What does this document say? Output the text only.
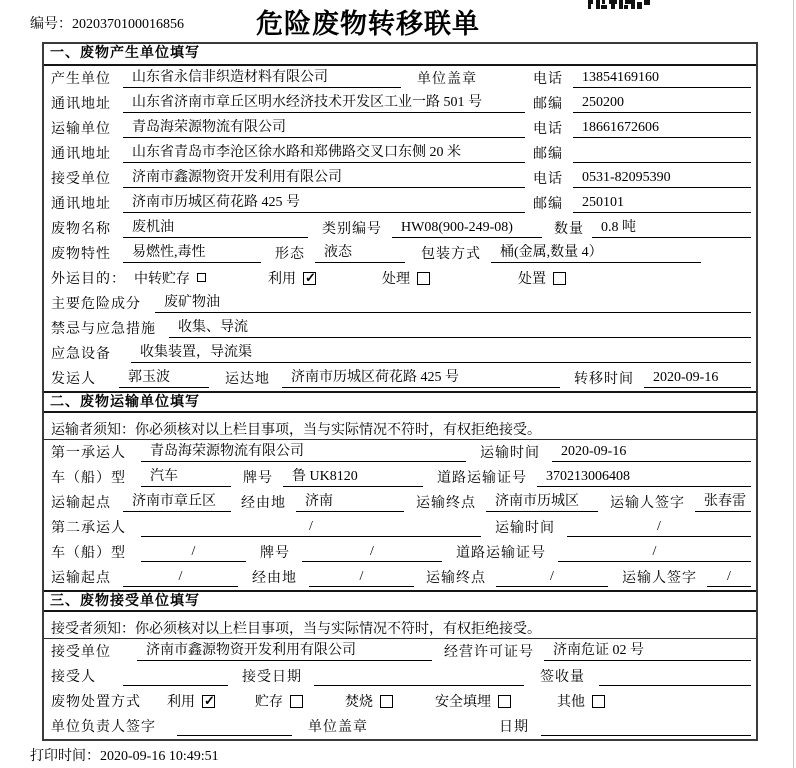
编号：2020370100016856	危险废物转移联单
一、废物产生单位填写
产生单位	山东省永信非织造材料有限公司	单位盖章	电话	13854169160
通讯地址	山东省济南市章丘区明水经济技术开发区工业一路 501 号	邮编	250200
运输单位	青岛海荣源物流有限公司	电话	18661672606
通讯地址	山东省青岛市李沧区徐水路和郑佛路交叉口东侧 20 米	邮编
接受单位	济南市鑫源物资开发利用有限公司	电话	0531-82095390
通讯地址	济南市历城区荷花路 425 号	邮编	250101
废物名称	废机油	类别编号	HW08(900-249-08)	数量	0.8 吨
废物特性	易燃性,毒性	形态	液态	包装方式	桶(金属,数量 4）
外运目的： 中转贮存	利用 ✓	处理	处置
主要危险成分	废矿物油
禁忌与应急措施	收集、导流
应急设备	收集装置，导流渠
发运人	郭玉波	运达地	济南市历城区荷花路 425 号	转移时间	2020-09-16
二、废物运输单位填写
运输者须知：你必须核对以上栏目事项，当与实际情况不符时，有权拒绝接受。
第一承运人	青岛海荣源物流有限公司	运输时间	2020-09-16
车（船）型	汽车	牌号	鲁 UK8120	道路运输证号	370213006408
运输起点	济南市章丘区	经由地	济南	运输终点	济南市历城区	运输人签字	张春雷
第二承运人	/	运输时间	/
车（船）型	/	牌号	/	道路运输证号	/
运输起点	/	经由地	/	运输终点	/	运输人签字	/
三、废物接受单位填写
接受者须知：你必须核对以上栏目事项，当与实际情况不符时，有权拒绝接受。
接受单位	济南市鑫源物资开发利用有限公司	经营许可证号	济南危证 02 号
接受人	接受日期	签收量
废物处置方式	利用 ✓	贮存	焚烧	安全填埋	其他
单位负责人签字	单位盖章	日期
打印时间：2020-09-16 10:49:51
